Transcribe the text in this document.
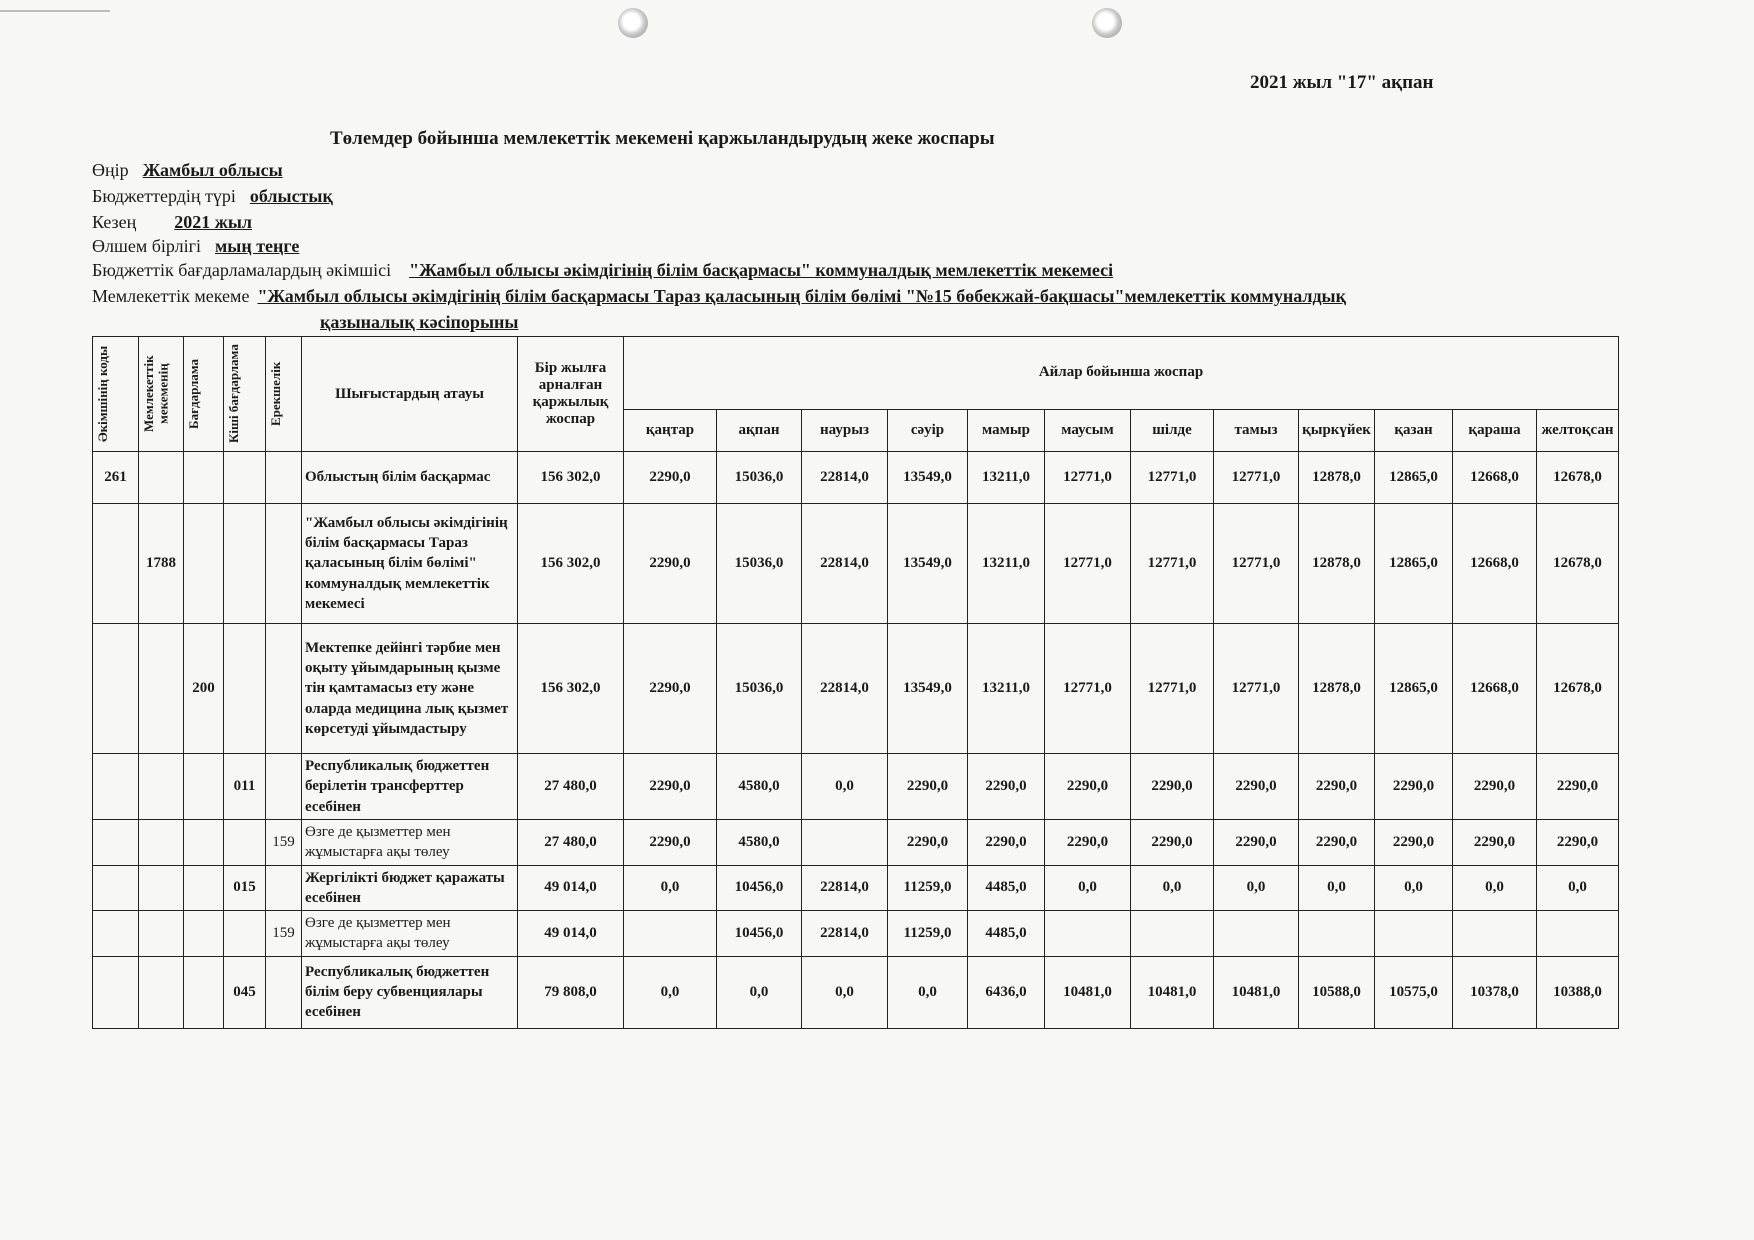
2021 жыл "17" ақпан
Төлемдер бойынша мемлекеттік мекемені қаржыландырудың жеке жоспары
Өңір Жамбыл облысы
Бюджеттердің түрі облыстық
Кезең 2021 жыл
Өлшем бірлігі мың теңге
Бюджеттік бағдарламалардың әкімшісі "Жамбыл облысы әкімдігінің білім басқармасы" коммуналдық мемлекеттік мекемесі
Мемлекеттік мекеме "Жамбыл облысы әкімдігінің білім басқармасы Тараз қаласының білім бөлімі "№15 бөбекжай-бақшасы"мемлекеттік коммуналдық
қазыналық кәсіпорыны
Әкімшінің коды	Мемлекеттік мекеменің	Бағдарлама	Кіші бағдарлама	Ерекшелік	Шығыстардың атауы	Бір жылға арналған қаржылық жоспар	Айлар бойынша жоспар											
							қаңтар	ақпан	наурыз	сәуір	мамыр	маусым	шілде	тамыз	қыркүйек	қазан	қараша	желтоқсан
261					Облыстың білім басқармас	156 302,0	2290,0	15036,0	22814,0	13549,0	13211,0	12771,0	12771,0	12771,0	12878,0	12865,0	12668,0	12678,0
	1788				"Жамбыл облысы әкімдігінің білім басқармасы Тараз қаласының білім бөлімі" коммуналдық мемлекеттік мекемесі	156 302,0	2290,0	15036,0	22814,0	13549,0	13211,0	12771,0	12771,0	12771,0	12878,0	12865,0	12668,0	12678,0
		200			Мектепке дейінгі тәрбие мен оқыту ұйымдарының қызме тін қамтамасыз ету және оларда медицина лық қызмет көрсетуді ұйымдастыру	156 302,0	2290,0	15036,0	22814,0	13549,0	13211,0	12771,0	12771,0	12771,0	12878,0	12865,0	12668,0	12678,0
			011		Республикалық бюджеттен берілетін трансферттер есебінен	27 480,0	2290,0	4580,0	0,0	2290,0	2290,0	2290,0	2290,0	2290,0	2290,0	2290,0	2290,0	2290,0
				159	Өзге де қызметтер мен жұмыстарға ақы төлеу	27 480,0	2290,0	4580,0		2290,0	2290,0	2290,0	2290,0	2290,0	2290,0	2290,0	2290,0	2290,0
			015		Жергілікті бюджет қаражаты есебінен	49 014,0	0,0	10456,0	22814,0	11259,0	4485,0	0,0	0,0	0,0	0,0	0,0	0,0	0,0
				159	Өзге де қызметтер мен жұмыстарға ақы төлеу	49 014,0		10456,0	22814,0	11259,0	4485,0							
			045		Республикалық бюджеттен білім беру субвенциялары есебінен	79 808,0	0,0	0,0	0,0	0,0	6436,0	10481,0	10481,0	10481,0	10588,0	10575,0	10378,0	10388,0
